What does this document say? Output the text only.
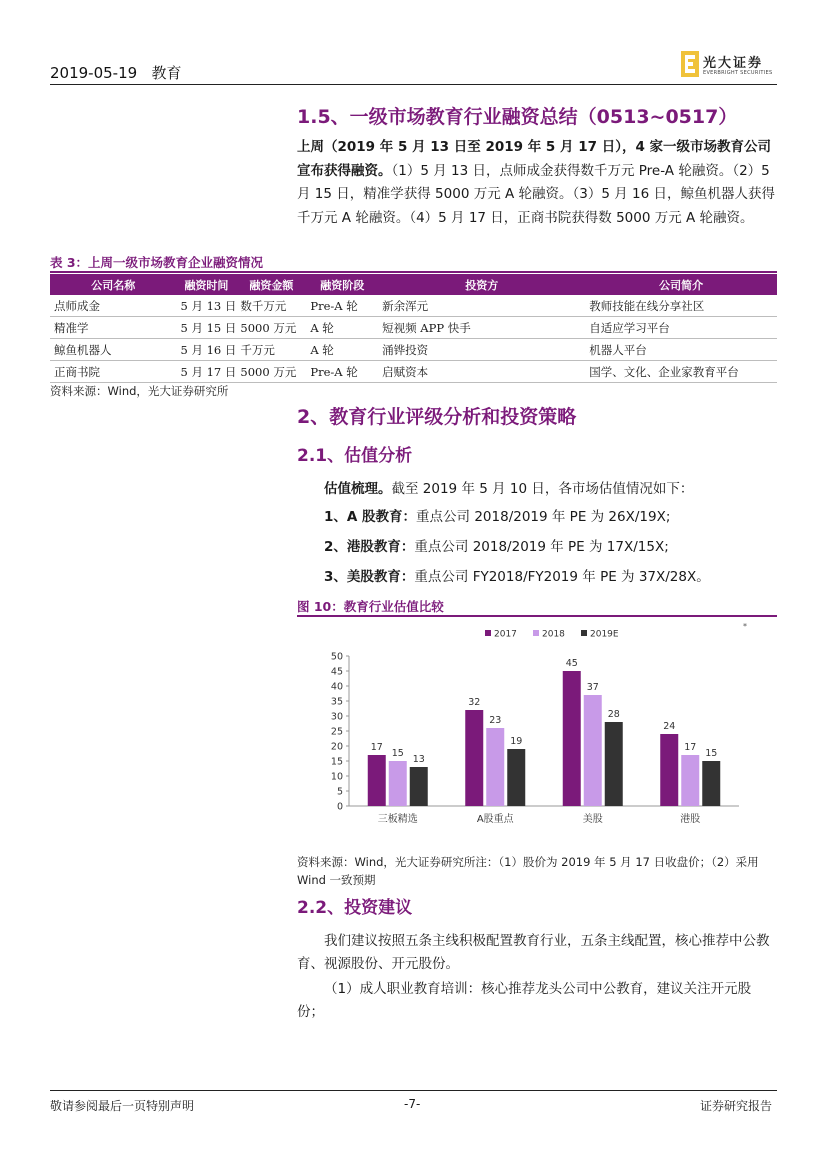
2019-05-19 教育
光大证券
EVERBRIGHT SECURITIES
1.5、一级市场教育行业融资总结（0513~0517）
上周（2019 年 5 月 13 日至 2019 年 5 月 17 日），4 家一级市场教育公司宣布获得融资。（1）5 月 13 日，点师成金获得数千万元 Pre-A 轮融资。（2）5 月 15 日，精准学获得 5000 万元 A 轮融资。（3）5 月 16 日，鲸鱼机器人获得千万元 A 轮融资。（4）5 月 17 日，正商书院获得数 5000 万元 A 轮融资。
表 3：上周一级市场教育企业融资情况
公司名称	融资时间	融资金额	融资阶段	投资方	公司简介
点师成金	5 月 13 日	数千万元	Pre-A 轮	新余浑元	教师技能在线分享社区
精准学	5 月 15 日	5000 万元	A 轮	短视频 APP 快手	自适应学习平台
鲸鱼机器人	5 月 16 日	千万元	A 轮	涌铧投资	机器人平台
正商书院	5 月 17 日	5000 万元	Pre-A 轮	启赋资本	国学、文化、企业家教育平台
资料来源：Wind，光大证券研究所
2、教育行业评级分析和投资策略
2.1、估值分析
估值梳理。截至 2019 年 5 月 10 日，各市场估值情况如下：
1、A 股教育：重点公司 2018/2019 年 PE 为 26X/19X;
2、港股教育：重点公司 2018/2019 年 PE 为 17X/15X;
3、美股教育：重点公司 FY2018/FY2019 年 PE 为 37X/28X。
图 10：教育行业估值比较
0
5
10
15
20
25
30
35
40
45
50
2017	2018	2019E
*
17
15
13
三板精选
32
23
19
A股重点
45
37
28
美股
24
17
15
港股
资料来源：Wind，光大证券研究所注：（1）股价为 2019 年 5 月 17 日收盘价；（2）采用 Wind 一致预期
2.2、投资建议
我们建议按照五条主线积极配置教育行业，五条主线配置，核心推荐中公教育、视源股份、开元股份。
（1）成人职业教育培训：核心推荐龙头公司中公教育，建议关注开元股份；
敬请参阅最后一页特别声明	-7-	证券研究报告
